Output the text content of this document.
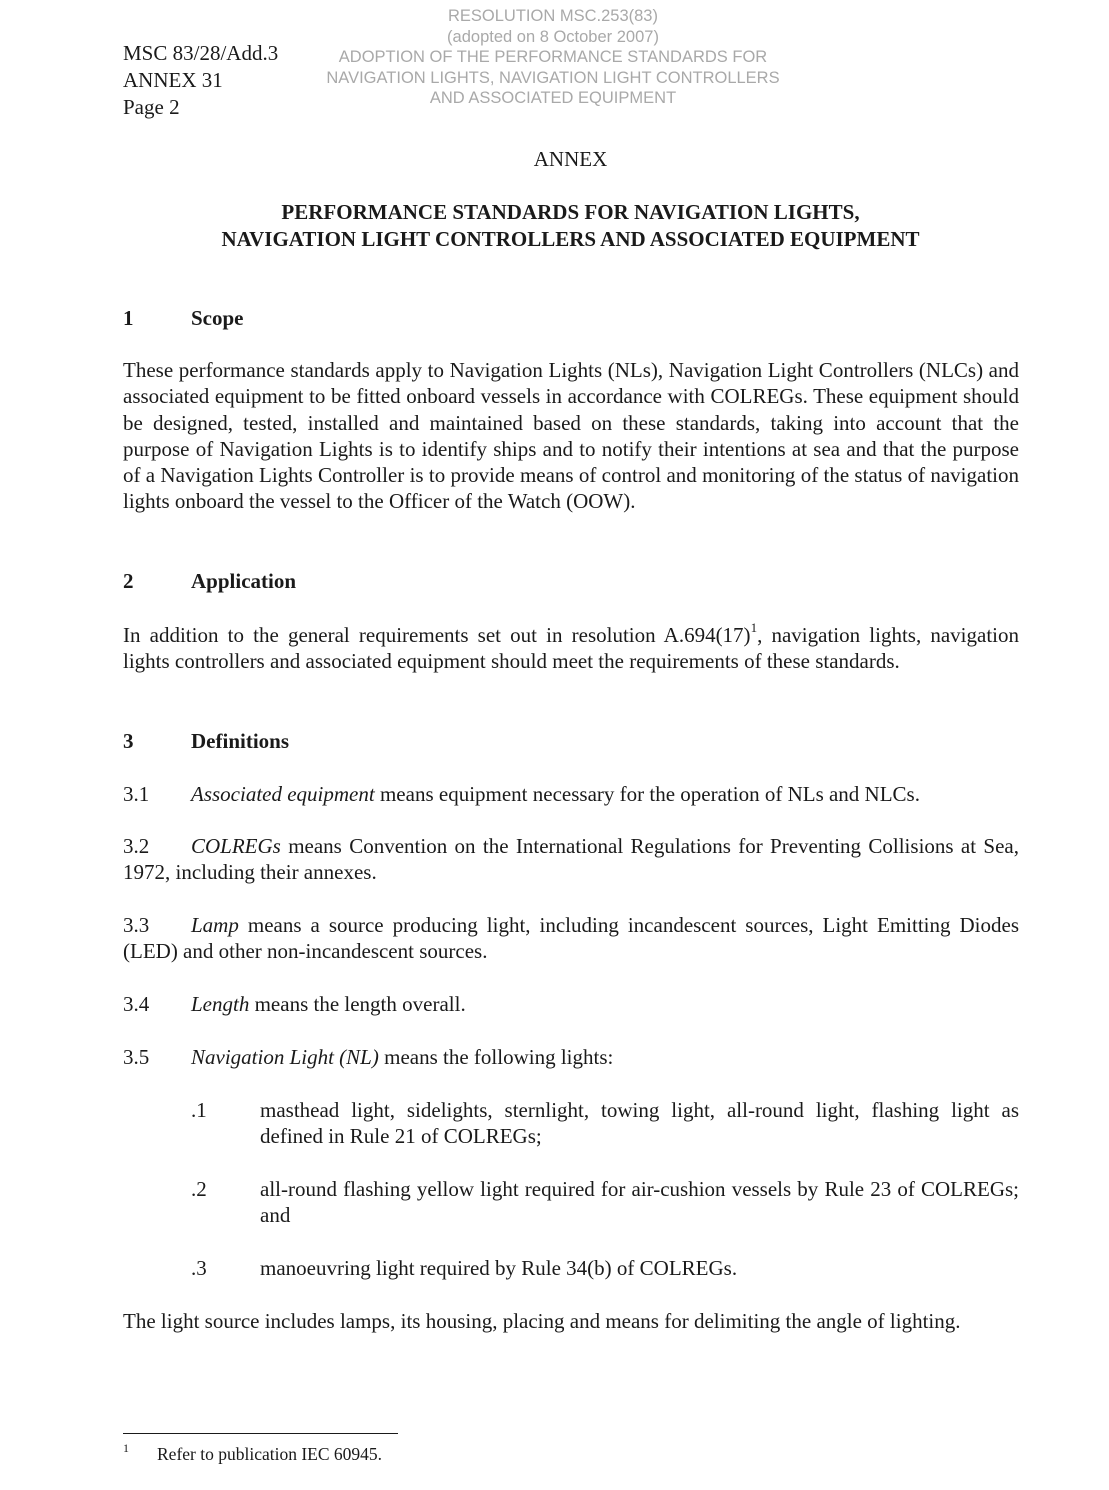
RESOLUTION MSC.253(83)
(adopted on 8 October 2007)
ADOPTION OF THE PERFORMANCE STANDARDS FOR
NAVIGATION LIGHTS, NAVIGATION LIGHT CONTROLLERS
AND ASSOCIATED EQUIPMENT
MSC 83/28/Add.3
ANNEX 31
Page 2
ANNEX
PERFORMANCE STANDARDS FOR NAVIGATION LIGHTS,
NAVIGATION LIGHT CONTROLLERS AND ASSOCIATED EQUIPMENT
1	Scope
These performance standards apply to Navigation Lights (NLs), Navigation Light Controllers (NLCs) and associated equipment to be fitted onboard vessels in accordance with COLREGs. These equipment should be designed, tested, installed and maintained based on these standards, taking into account that the purpose of Navigation Lights is to identify ships and to notify their intentions at sea and that the purpose of a Navigation Lights Controller is to provide means of control and monitoring of the status of navigation lights onboard the vessel to the Officer of the Watch (OOW).
2	Application
In addition to the general requirements set out in resolution $A.694(17)^1$, navigation lights, navigation lights controllers and associated equipment should meet the requirements of these standards.
3	Definitions
3.1 Associated equipment means equipment necessary for the operation of NLs and NLCs.
3.2 COLREGs means Convention on the International Regulations for Preventing Collisions at Sea, 1972, including their annexes.
3.3 Lamp means a source producing light, including incandescent sources, Light Emitting Diodes (LED) and other non-incandescent sources.
3.4 Length means the length overall.
3.5 Navigation Light (NL) means the following lights:
.1	masthead light, sidelights, sternlight, towing light, all-round light, flashing light as defined in Rule 21 of COLREGs;
.2	all-round flashing yellow light required for air-cushion vessels by Rule 23 of COLREGs; and
.3	manoeuvring light required by Rule 34(b) of COLREGs.
The light source includes lamps, its housing, placing and means for delimiting the angle of lighting.
1 Refer to publication IEC 60945.
